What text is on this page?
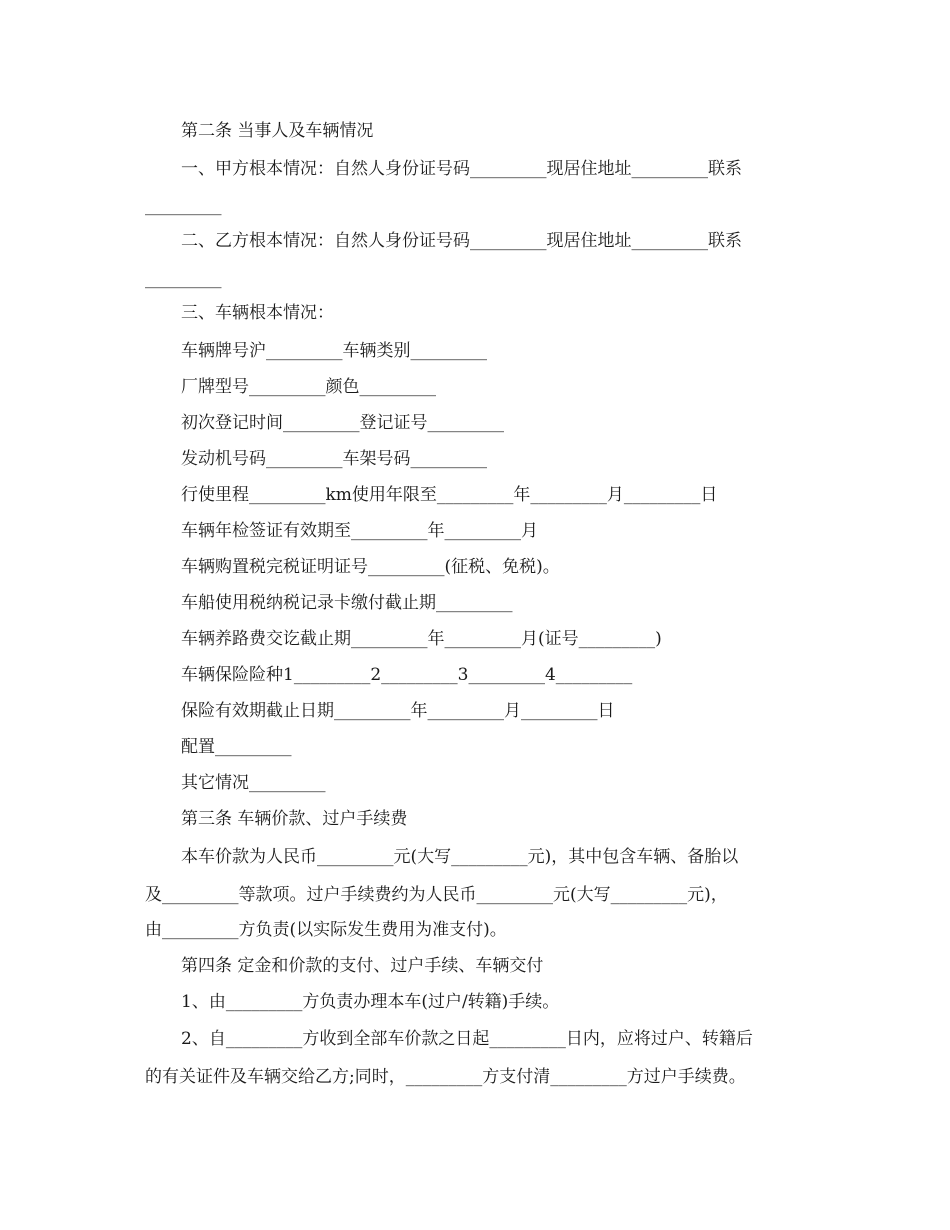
第二条 当事人及车辆情况
一、甲方根本情况：自然人身份证号码_________现居住地址_________联系
_________
二、乙方根本情况：自然人身份证号码_________现居住地址_________联系
_________
三、车辆根本情况：
车辆牌号沪_________车辆类别_________
厂牌型号_________颜色_________
初次登记时间_________登记证号_________
发动机号码_________车架号码_________
行使里程_________km使用年限至_________年_________月_________日
车辆年检签证有效期至_________年_________月
车辆购置税完税证明证号_________(征税、免税)。
车船使用税纳税记录卡缴付截止期_________
车辆养路费交讫截止期_________年_________月(证号_________)
车辆保险险种1_________2_________3_________4_________
保险有效期截止日期_________年_________月_________日
配置_________
其它情况_________
第三条 车辆价款、过户手续费
本车价款为人民币_________元(大写_________元)，其中包含车辆、备胎以
及_________等款项。过户手续费约为人民币_________元(大写_________元)，
由_________方负责(以实际发生费用为准支付)。
第四条 定金和价款的支付、过户手续、车辆交付
1、由_________方负责办理本车(过户/转籍)手续。
2、自_________方收到全部车价款之日起_________日内，应将过户、转籍后
的有关证件及车辆交给乙方;同时，_________方支付清_________方过户手续费。
